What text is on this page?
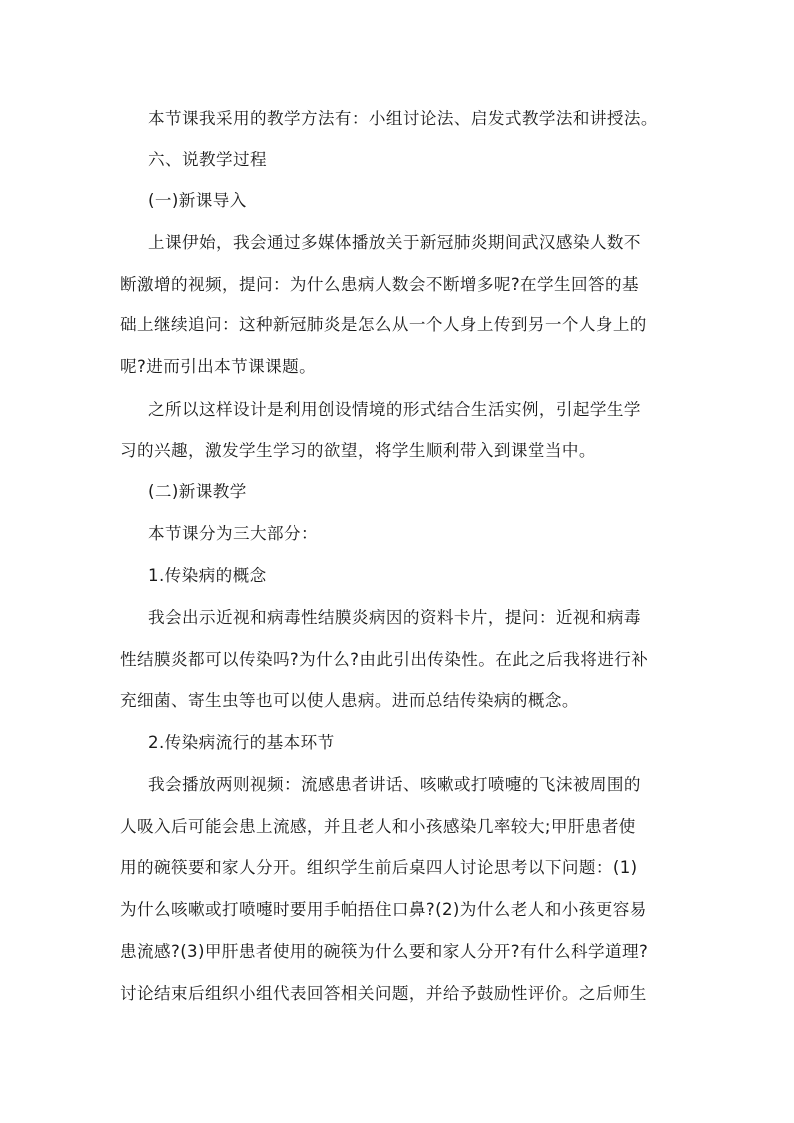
本节课我采用的教学方法有：小组讨论法、启发式教学法和讲授法。
六、说教学过程
(一)新课导入
上课伊始，我会通过多媒体播放关于新冠肺炎期间武汉感染人数不
断激增的视频，提问：为什么患病人数会不断增多呢?在学生回答的基
础上继续追问：这种新冠肺炎是怎么从一个人身上传到另一个人身上的
呢?进而引出本节课课题。
之所以这样设计是利用创设情境的形式结合生活实例，引起学生学
习的兴趣，激发学生学习的欲望，将学生顺利带入到课堂当中。
(二)新课教学
本节课分为三大部分：
1.传染病的概念
我会出示近视和病毒性结膜炎病因的资料卡片，提问：近视和病毒
性结膜炎都可以传染吗?为什么?由此引出传染性。在此之后我将进行补
充细菌、寄生虫等也可以使人患病。进而总结传染病的概念。
2.传染病流行的基本环节
我会播放两则视频：流感患者讲话、咳嗽或打喷嚏的飞沫被周围的
人吸入后可能会患上流感，并且老人和小孩感染几率较大;甲肝患者使
用的碗筷要和家人分开。组织学生前后桌四人讨论思考以下问题：(1)
为什么咳嗽或打喷嚏时要用手帕捂住口鼻?(2)为什么老人和小孩更容易
患流感?(3)甲肝患者使用的碗筷为什么要和家人分开?有什么科学道理?
讨论结束后组织小组代表回答相关问题，并给予鼓励性评价。之后师生
